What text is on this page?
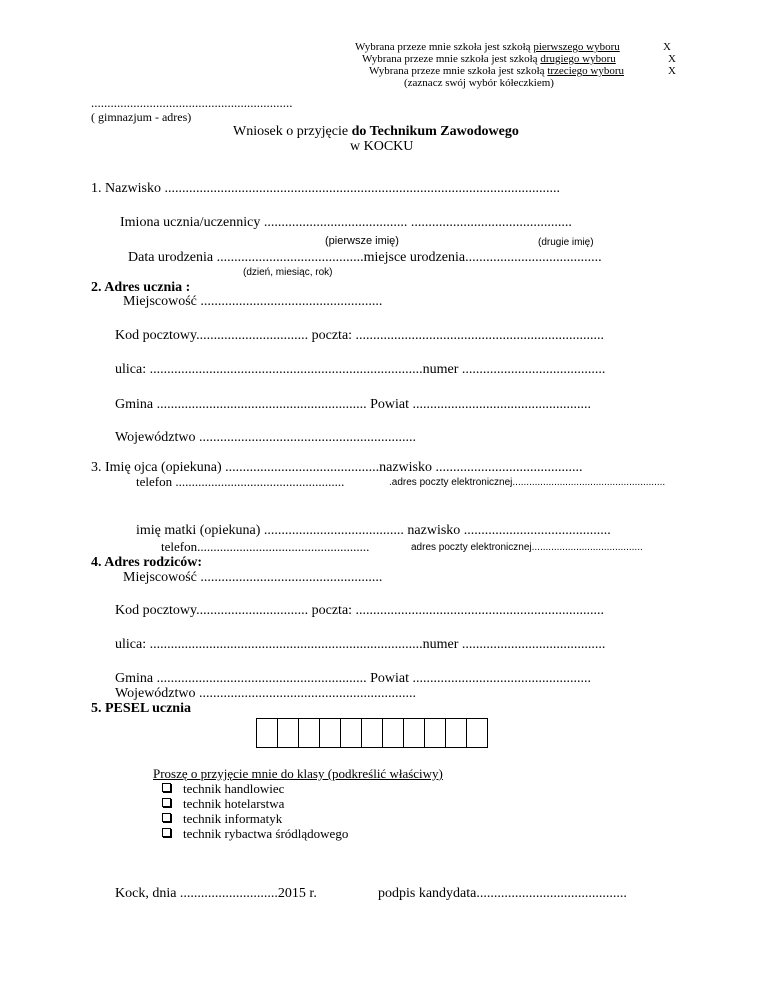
Wybrana przeze mnie szkoła jest szkołą pierwszego wyboru	X
Wybrana przeze mnie szkoła jest szkołą drugiego wyboru	X
Wybrana przeze mnie szkoła jest szkołą trzeciego wyboru	X
(zaznacz swój wybór kółeczkiem)
..............................................................
( gimnazjum - adres)
Wniosek o przyjęcie do Technikum Zawodowego
w KOCKU
1. Nazwisko .................................................................................................................
Imiona ucznia/uczennicy ......................................... ..............................................
(pierwsze imię)	(drugie imię)
Data urodzenia ..........................................miejsce urodzenia.......................................
(dzień, miesiąc, rok)
2. Adres ucznia :
Miejscowość ....................................................
Kod pocztowy................................ poczta: .......................................................................
ulica: ..............................................................................numer .........................................
Gmina ............................................................ Powiat ...................................................
Województwo ..............................................................
3. Imię ojca (opiekuna) ............................................nazwisko ..........................................
telefon ....................................................	.adres poczty elektronicznej.......................................................
imię matki (opiekuna) ........................................ nazwisko ..........................................
telefon.....................................................	adres poczty elektronicznej........................................
4. Adres rodziców:
Miejscowość ....................................................
Kod pocztowy................................ poczta: .......................................................................
ulica: ..............................................................................numer .........................................
Gmina ............................................................ Powiat ...................................................
Województwo ..............................................................
5. PESEL ucznia
Proszę o przyjęcie mnie do klasy (podkreślić właściwy)
technik handlowiec
technik hotelarstwa
technik informatyk
technik rybactwa śródlądowego
Kock, dnia ............................2015 r.	podpis kandydata...........................................
